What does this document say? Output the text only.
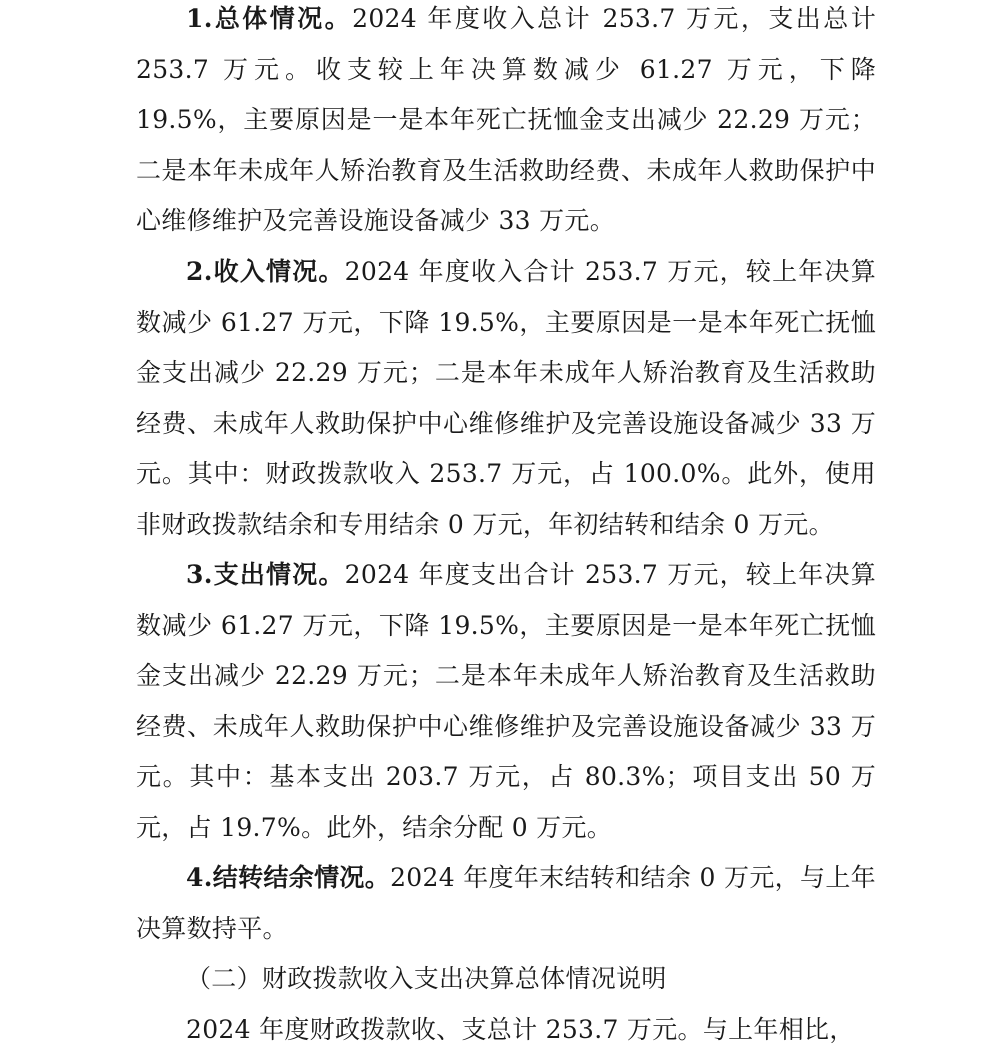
1.总体情况。2024 年度收入总计 253.7 万元，支出总计 253.7 万元。收支较上年决算数减少 61.27 万元，下降 19.5%，主要原因是一是本年死亡抚恤金支出减少 22.29 万元；二是本年未成年人矫治教育及生活救助经费、未成年人救助保护中心维修维护及完善设施设备减少 33 万元。

2.收入情况。2024 年度收入合计 253.7 万元，较上年决算数减少 61.27 万元，下降 19.5%，主要原因是一是本年死亡抚恤金支出减少 22.29 万元；二是本年未成年人矫治教育及生活救助经费、未成年人救助保护中心维修维护及完善设施设备减少 33 万元。其中：财政拨款收入 253.7 万元，占 100.0%。此外，使用非财政拨款结余和专用结余 0 万元，年初结转和结余 0 万元。

3.支出情况。2024 年度支出合计 253.7 万元，较上年决算数减少 61.27 万元，下降 19.5%，主要原因是一是本年死亡抚恤金支出减少 22.29 万元；二是本年未成年人矫治教育及生活救助经费、未成年人救助保护中心维修维护及完善设施设备减少 33 万元。其中：基本支出 203.7 万元，占 80.3%；项目支出 50 万元，占 19.7%。此外，结余分配 0 万元。

4.结转结余情况。2024 年度年末结转和结余 0 万元，与上年决算数持平。

（二）财政拨款收入支出决算总体情况说明

2024 年度财政拨款收、支总计 253.7 万元。与上年相比，
